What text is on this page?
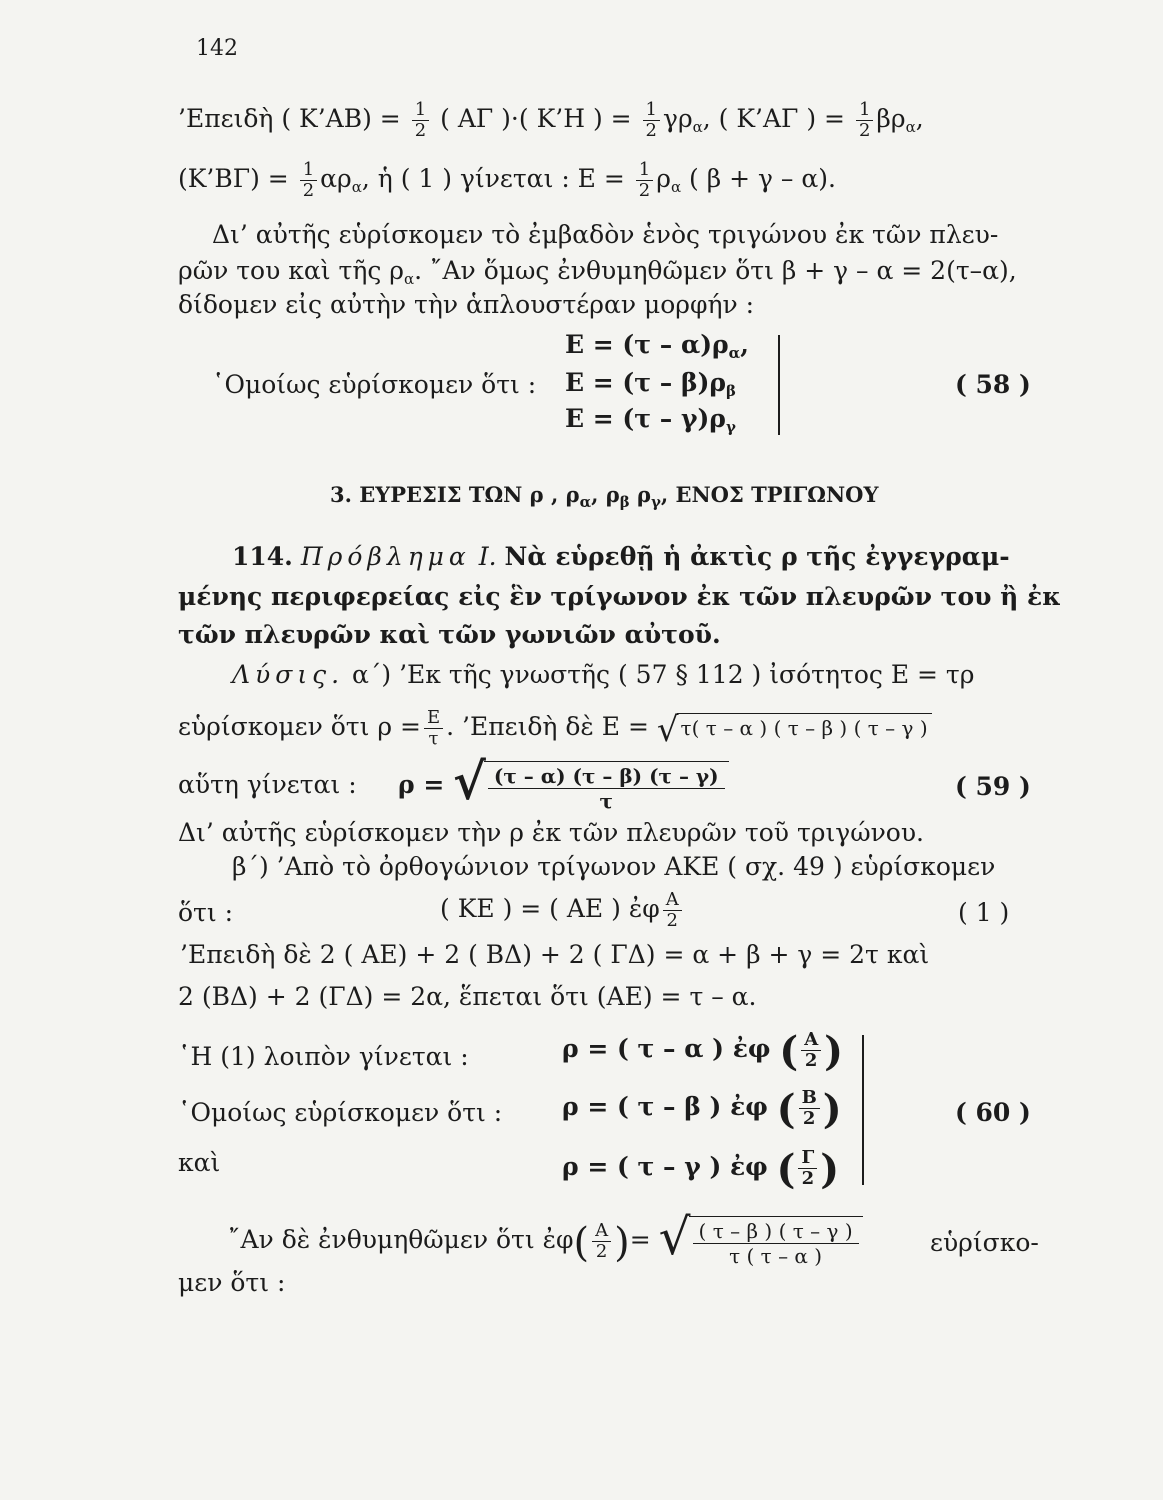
142
’Επειδὴ ( Κ’ΑΒ) = $\frac{1}{2}$ ( ΑΓ )·( Κ’Η ) = $\frac{1}{2} \gamma\rho_\alpha$, ( Κ’ΑΓ ) = $\frac{1}{2} \beta\rho_\alpha$,
(Κ’ΒΓ) = $\frac{1}{2} \alpha\rho_\alpha$, ἡ ( 1 ) γίνεται : $E = \frac{1}{2} \rho_\alpha$ ( β + γ – α).
Δι’ αὐτῆς εὑρίσκομεν τὸ ἐμβαδὸν ἑνὸς τριγώνου ἐκ τῶν πλευ-
ρῶν του καὶ τῆς $\rho_\alpha$. ῎Αν ὅμως ἐνθυμηθῶμεν ὅτι β + γ – α = 2(τ–α),
δίδομεν εἰς αὐτὴν τὴν ἁπλουστέραν μορφήν :
$E = (\tau - \alpha)\rho_\alpha$,
῾Ομοίως εὑρίσκομεν ὅτι : $E = (\tau - \beta)\rho_\beta$
$E = (\tau - \gamma)\rho_\gamma$
( 58 )
3. ΕΥΡΕΣΙΣ ΤΩΝ ρ , $\rho_\alpha$, $\rho_\beta$ $\rho_\gamma$, ΕΝΟΣ ΤΡΙΓΩΝΟΥ
114. Πρόβλημα Ι. Νὰ εὑρεθῇ ἡ ἀκτὶς ρ τῆς ἐγγεγραμ-
μένης περιφερείας εἰς ἓν τρίγωνον ἐκ τῶν πλευρῶν του ἢ ἐκ
τῶν πλευρῶν καὶ τῶν γωνιῶν αὐτοῦ.
Λύσις. α΄) ’Εκ τῆς γνωστῆς ( 57 § 112 ) ἰσότητος Ε = τρ
εὑρίσκομεν ὅτι $\rho = \frac{E}{\tau}$ . ’Επειδὴ δὲ Ε = √ τ( τ – α ) ( τ – β ) ( τ – γ )
αὕτη γίνεται : ρ = √
$\frac{(\tau - \alpha) (\tau - \beta) (\tau - \gamma)}{\tau}$	( 59 )
Δι’ αὐτῆς εὑρίσκομεν τὴν ρ ἐκ τῶν πλευρῶν τοῦ τριγώνου.
β΄) ’Απὸ τὸ ὀρθογώνιον τρίγωνον ΑΚΕ ( σχ. 49 ) εὑρίσκομεν
ὅτι :	( ΚΕ ) = ( ΑΕ ) ἐφ $\frac{A}{2}$	( 1 )
’Επειδὴ δὲ 2 ( ΑΕ) + 2 ( ΒΔ) + 2 ( ΓΔ) = α + β + γ = 2τ καὶ
2 (ΒΔ) + 2 (ΓΔ) = 2α, ἕπεται ὅτι (ΑΕ) = τ – α.
῾Η (1) λοιπὸν γίνεται :	ρ = ( τ – α ) ἐφ ( $\frac{A}{2}$ )
῾Ομοίως εὑρίσκομεν ὅτι : ρ = ( τ – β ) ἐφ ( $\frac{B}{2}$ )
καὶ	ρ = ( τ – γ ) ἐφ ( $\frac{\Gamma}{2}$ )
( 60 )
῎Αν δὲ ἐνθυμηθῶμεν ὅτι ἐφ( $\frac{A}{2}$ )= √
$\frac{( \tau - \beta ) ( \tau - \gamma )}{\tau ( \tau - \alpha )}$	εὑρίσκο-
μεν ὅτι :
